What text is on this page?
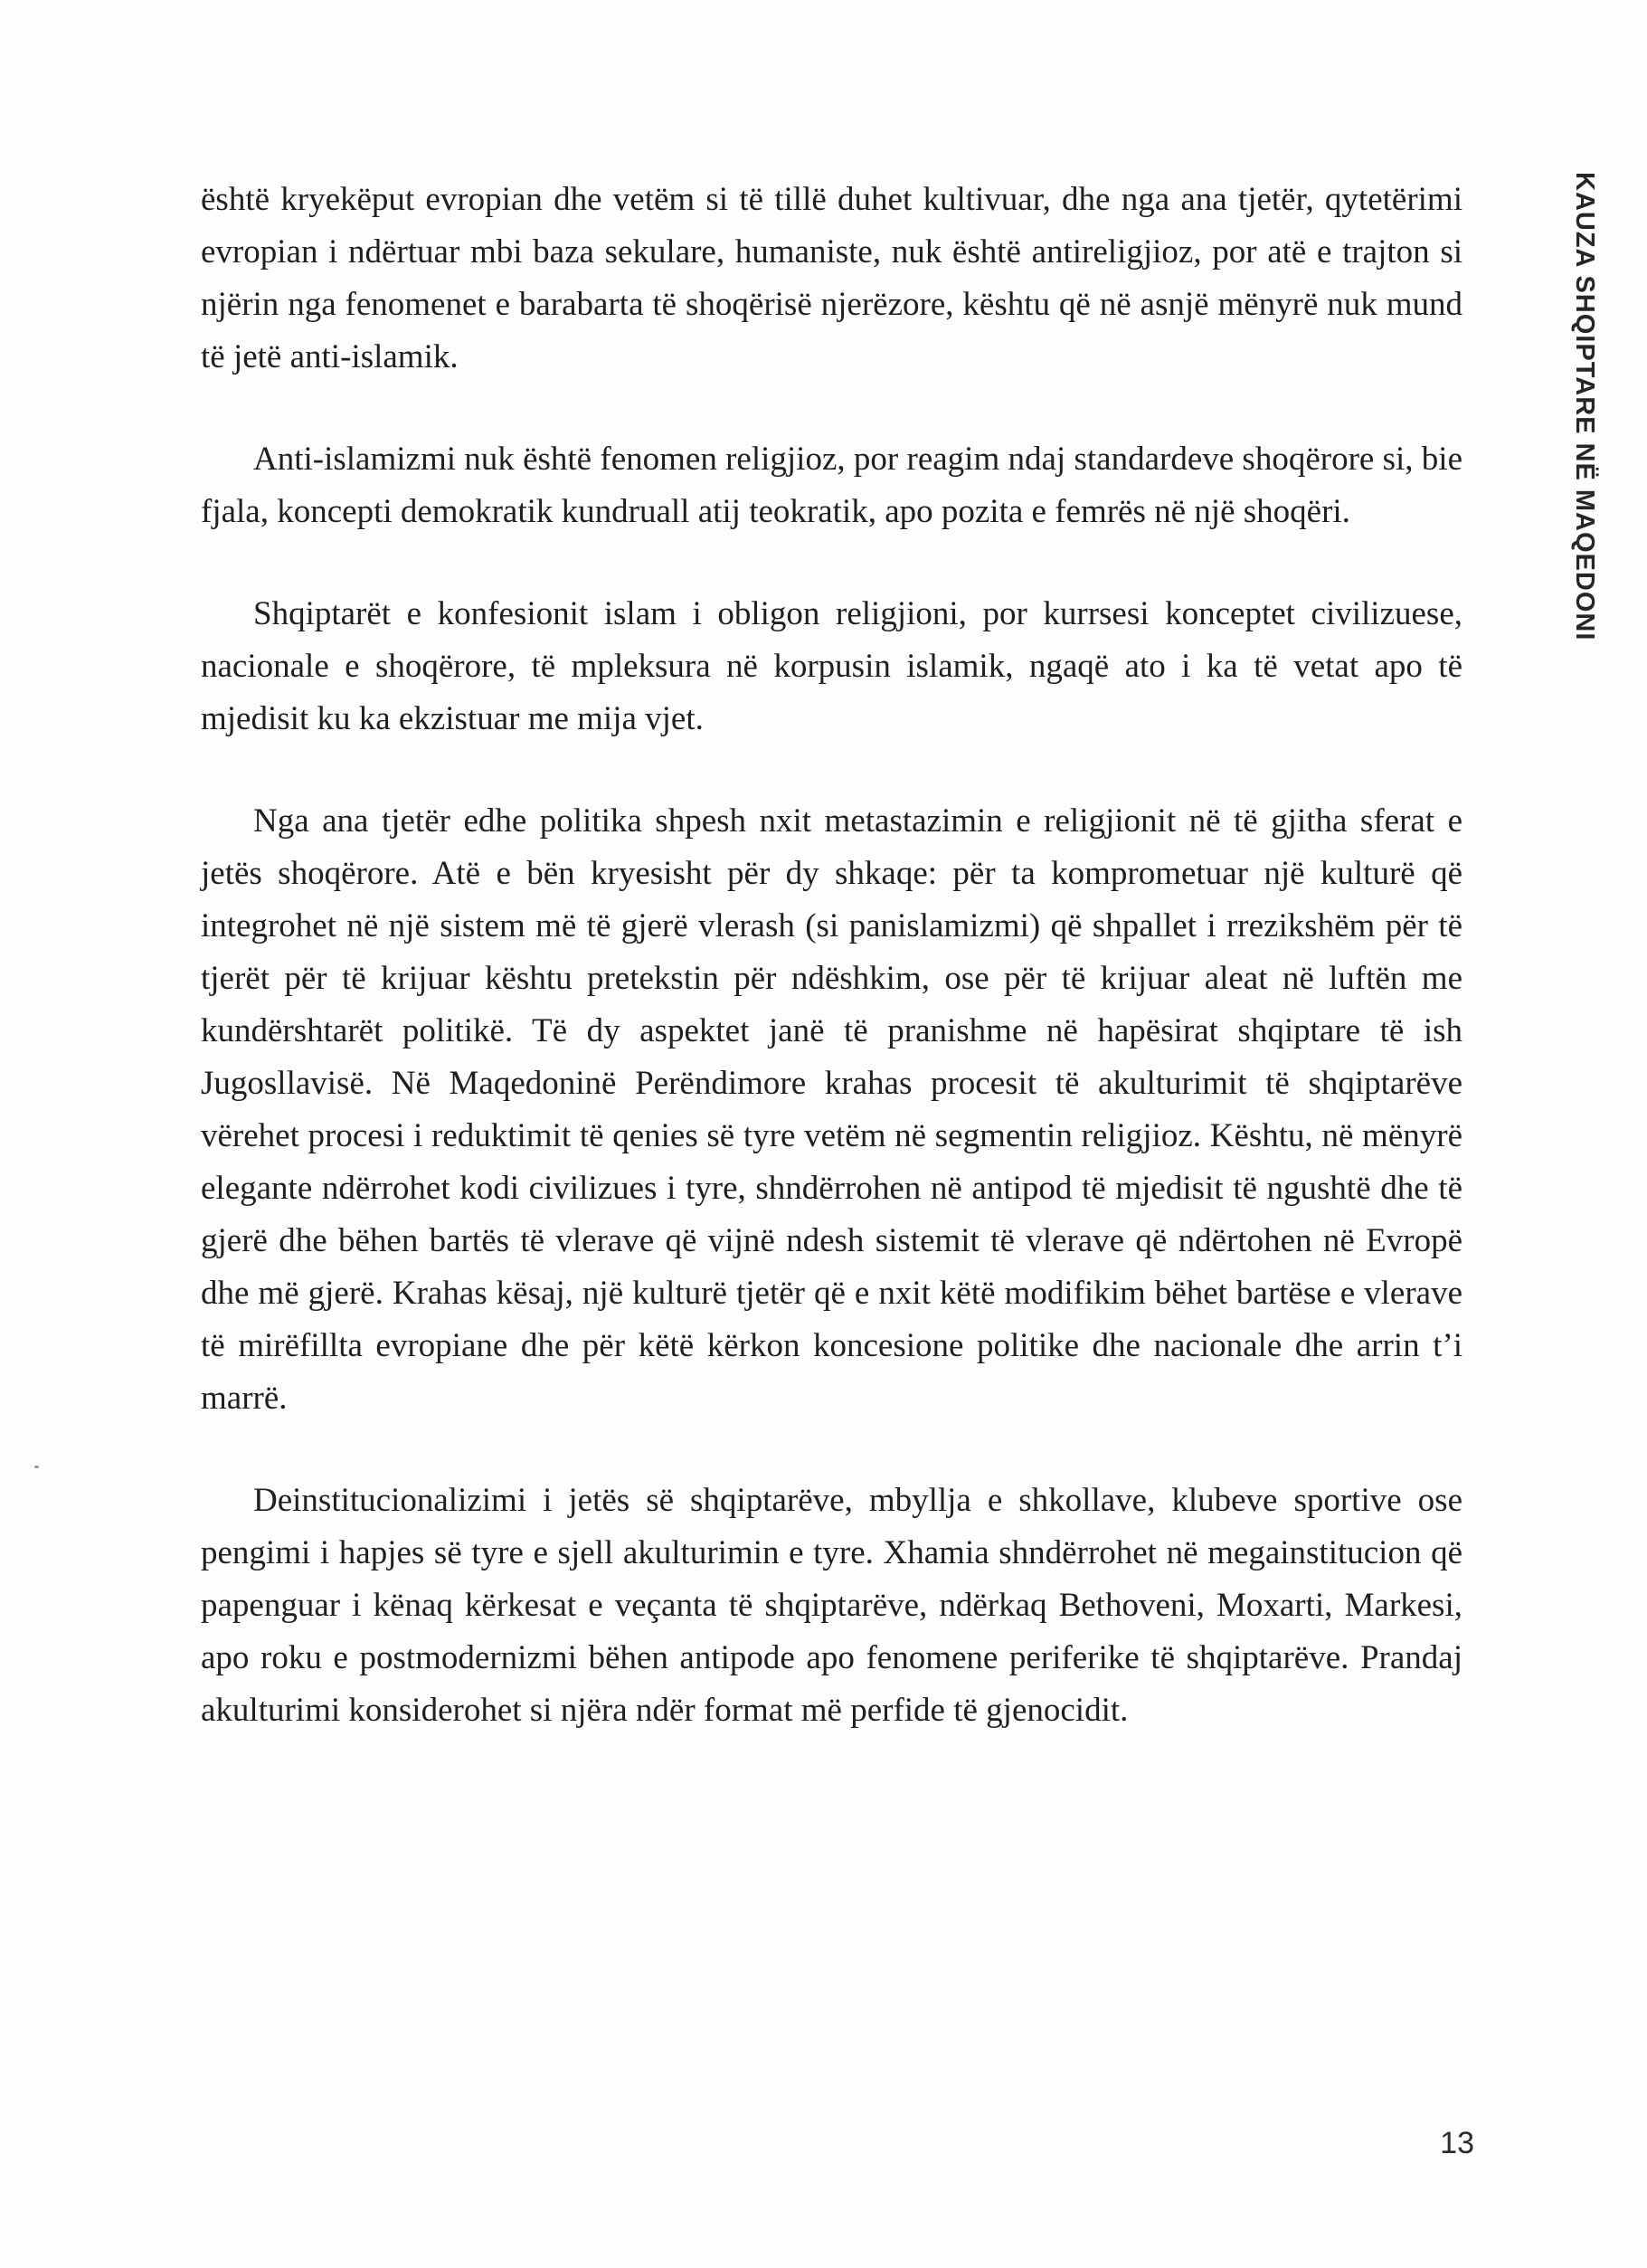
është kryekëput evropian dhe vetëm si të tillë duhet kultivuar, dhe nga ana tjetër, qytetërimi evropian i ndërtuar mbi baza sekulare, humaniste, nuk është antireligjioz, por atë e trajton si njërin nga fenomenet e barabarta të shoqërisë njerëzore, kështu që në asnjë mënyrë nuk mund të jetë anti-islamik.

Anti-islamizmi nuk është fenomen religjioz, por reagim ndaj standardeve shoqërore si, bie fjala, koncepti demokratik kundruall atij teokratik, apo pozita e femrës në një shoqëri.

Shqiptarët e konfesionit islam i obligon religjioni, por kurrsesi konceptet civilizuese, nacionale e shoqërore, të mpleksura në korpusin islamik, ngaqë ato i ka të vetat apo të mjedisit ku ka ekzistuar me mija vjet.

Nga ana tjetër edhe politika shpesh nxit metastazimin e religjionit në të gjitha sferat e jetës shoqërore. Atë e bën kryesisht për dy shkaqe: për ta komprometuar një kulturë që integrohet në një sistem më të gjerë vlerash (si panislamizmi) që shpallet i rrezikshëm për të tjerët për të krijuar kështu pretekstin për ndëshkim, ose për të krijuar aleat në luftën me kundërshtarët politikë. Të dy aspektet janë të pranishme në hapësirat shqiptare të ish Jugosllavisë. Në Maqedoninë Perëndimore krahas procesit të akulturimit të shqiptarëve vërehet procesi i reduktimit të qenies së tyre vetëm në segmentin religjioz. Kështu, në mënyrë elegante ndërrohet kodi civilizues i tyre, shndërrohen në antipod të mjedisit të ngushtë dhe të gjerë dhe bëhen bartës të vlerave që vijnë ndesh sistemit të vlerave që ndërtohen në Evropë dhe më gjerë. Krahas kësaj, një kulturë tjetër që e nxit këtë modifikim bëhet bartëse e vlerave të mirëfillta evropiane dhe për këtë kërkon koncesione politike dhe nacionale dhe arrin t’i marrë.

Deinstitucionalizimi i jetës së shqiptarëve, mbyllja e shkollave, klubeve sportive ose pengimi i hapjes së tyre e sjell akulturimin e tyre. Xhamia shndërrohet në megainstitucion që papenguar i kënaq kërkesat e veçanta të shqiptarëve, ndërkaq Bethoveni, Moxarti, Markesi, apo roku e postmodernizmi bëhen antipode apo fenomene periferike të shqiptarëve. Prandaj akulturimi konsiderohet si njëra ndër format më perfide të gjenocidit.

KAUZA SHQIPTARE NË MAQEDONI
13
